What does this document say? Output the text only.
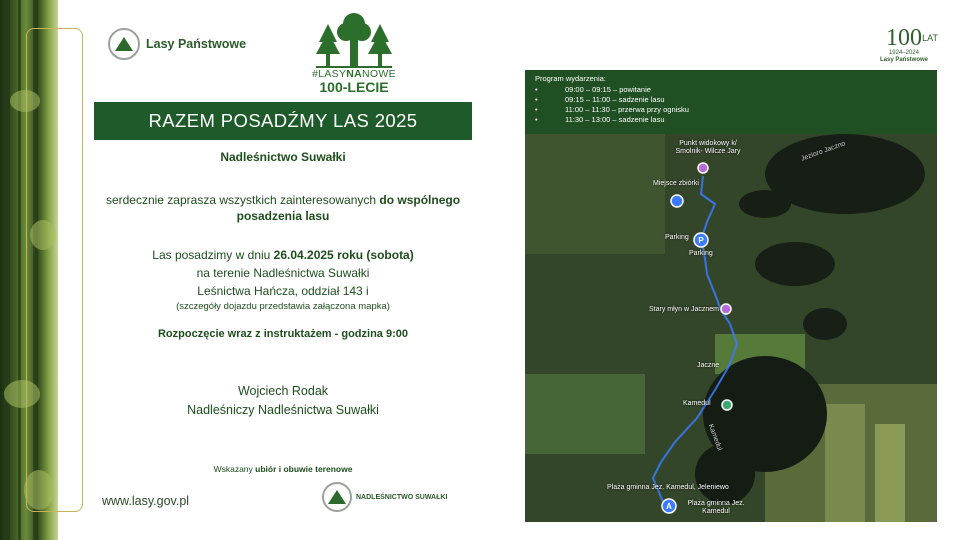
Lasy Państwowe
#LASYNANOWE
100-LECIE
100 LAT
1924–2024
Lasy Państwowe
RAZEM POSADŹMY LAS 2025
Nadleśnictwo Suwałki
serdecznie zaprasza wszystkich zainteresowanych do wspólnego posadzenia lasu
Las posadzimy w dniu 26.04.2025 roku (sobota)
na terenie Nadleśnictwa Suwałki
Leśnictwa Hańcza, oddział 143 i
(szczegóły dojazdu przedstawia załączona mapka)
Rozpoczęcie wraz z instruktażem - godzina 9:00
Wojciech Rodak
Nadleśniczy Nadleśnictwa Suwałki
Wskazany ubiór i obuwie terenowe
www.lasy.gov.pl	NADLEŚNICTWO SUWAŁKI
Program wydarzenia:
•	09:00 – 09:15 – powitanie
•	09:15 – 11:00 – sadzenie lasu
•	11:00 – 11:30 – przerwa przy ognisku
•	11:30 – 13:00 – sadzenie lasu
P
A
Punkt widokowy k/ Smolnik- Wilcze Jary	Jezioro Jaczno
Miejsce zbiórki
Parking
Parking
Stary młyn w Jacznem
Jaczne
Kamedul
Kamedul
Plaża gminna Jez. Kamedul, Jeleniewo
Plaża gminna Jez. Kamedul
